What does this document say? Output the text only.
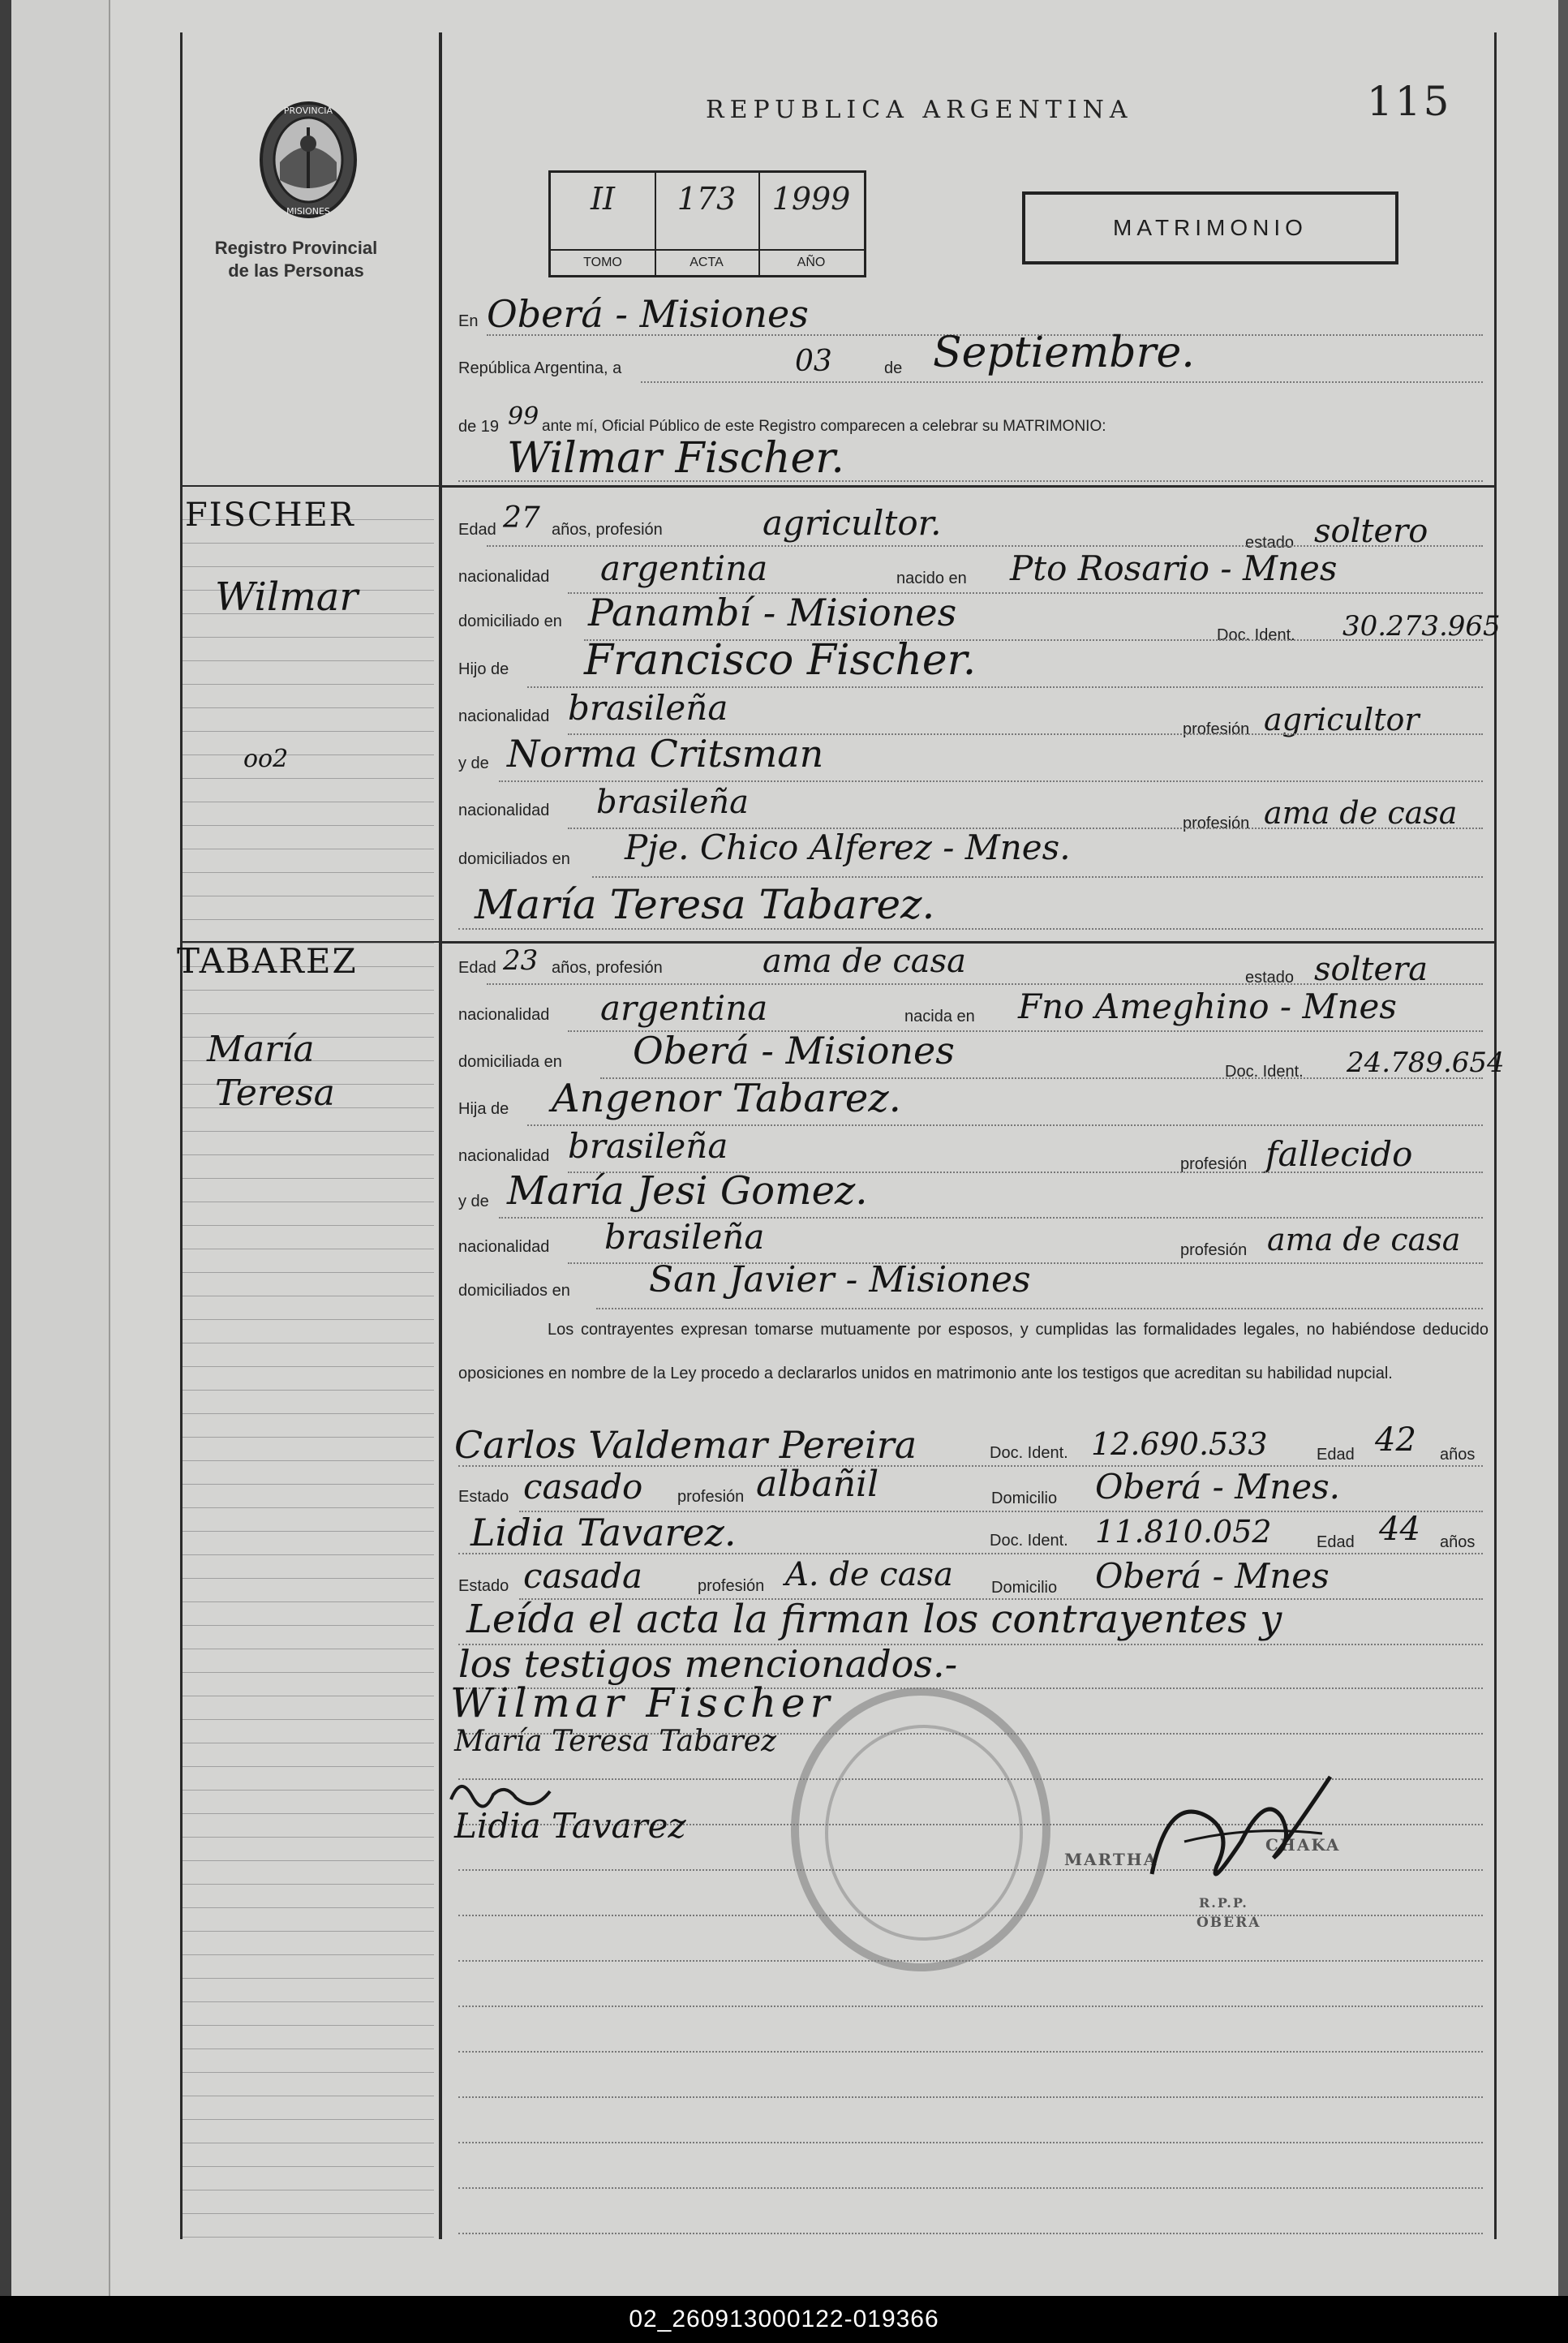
PROVINCIA
MISIONES
Registro Provincial de las Personas
REPUBLICA ARGENTINA	115
II
TOMO
173
ACTA
1999
AÑO
MATRIMONIO
En Oberá - Misiones
República Argentina, a	03	de Septiembre.
de 19 99 ante mí, Oficial Público de este Registro comparecen a celebrar su MATRIMONIO:
Wilmar Fischer.
FISCHER
Wilmar
oo2
Edad 27 años, profesión	agricultor.	estado soltero
nacionalidad argentina	nacido en Pto Rosario - Mnes
domiciliado en Panambí - Misiones
Doc. Ident. 30.273.965
Hijo de Francisco Fischer.
nacionalidad brasileña
profesión agricultor
y de Norma Critsman
nacionalidad brasileña
profesión ama de casa
domiciliados en Pje. Chico Alferez - Mnes.
María Teresa Tabarez.
TABAREZ
María
Teresa
Edad 23 años, profesión	ama de casa	estado soltera
nacionalidad argentina	nacida en Fno Ameghino - Mnes
domiciliada en Oberá - Misiones	Doc. Ident. 24.789.654
Hija de Angenor Tabarez.
nacionalidad brasileña	profesión fallecido
y de María Jesi Gomez.
nacionalidad brasileña	profesión ama de casa
domiciliados en San Javier - Misiones
Los contrayentes expresan tomarse mutuamente por esposos, y cumplidas las formalidades legales, no habiéndose deducido oposiciones en nombre de la Ley procedo a declararlos unidos en matrimonio ante los testigos que acreditan su habilidad nupcial.
Carlos Valdemar Pereira	Doc. Ident. 12.690.533	Edad 42 años
Estado casado profesión albañil	Domicilio Oberá - Mnes.
Lidia Tavarez.	Doc. Ident. 11.810.052	Edad 44 años
Estado casada	profesión A. de casa Domicilio Oberá - Mnes
Leída el acta la firman los contrayentes y
los testigos mencionados.-
Wilmar Fischer
María Teresa Tabarez
Lidia Tavarez
MARTHA
CHAKA
R.P.P.
OBERA
02_260913000122-019366
